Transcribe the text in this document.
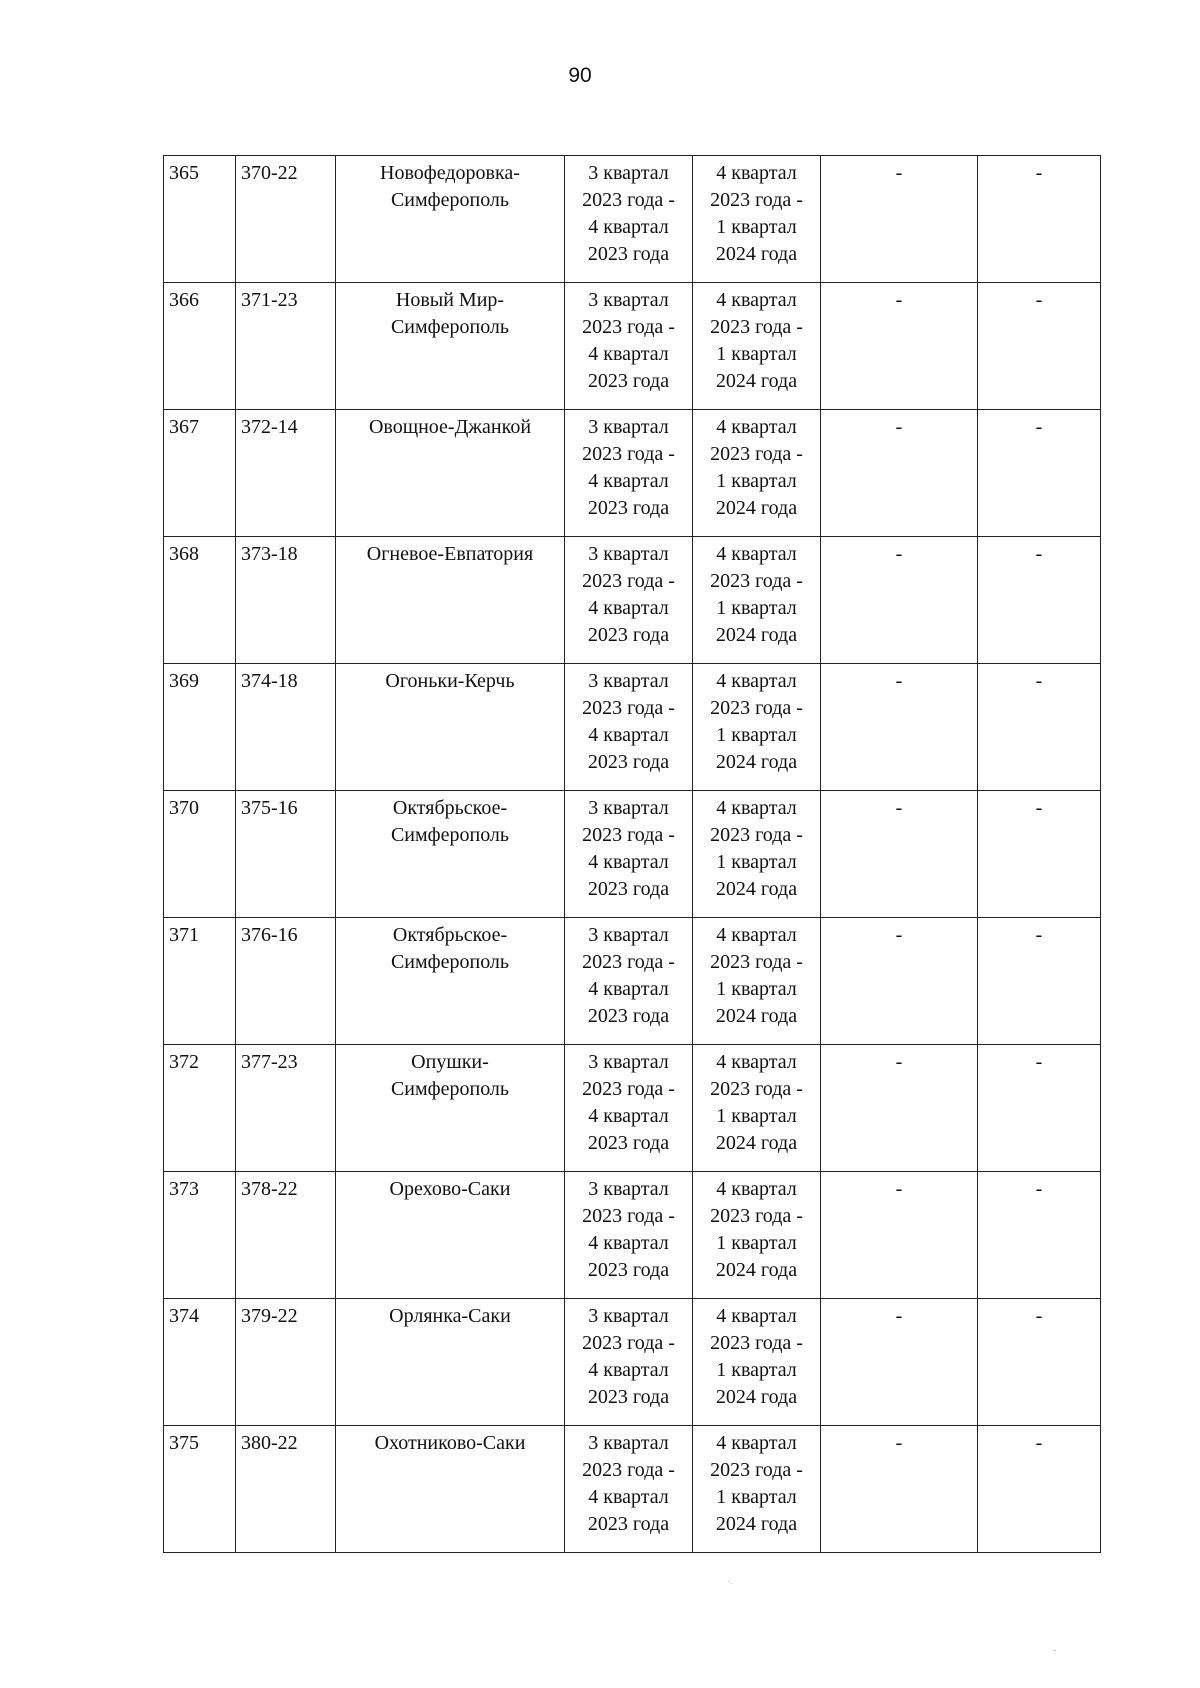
90
365	370-22	Новофедоровка-
Симферополь	3 квартал
2023 года -
4 квартал
2023 года	4 квартал
2023 года -
1 квартал
2024 года	-	-

366	371-23	Новый Мир-
Симферополь	3 квартал
2023 года -
4 квартал
2023 года	4 квартал
2023 года -
1 квартал
2024 года	-	-

367	372-14	Овощное-Джанкой	3 квартал
2023 года -
4 квартал
2023 года	4 квартал
2023 года -
1 квартал
2024 года	-	-

368	373-18	Огневое-Евпатория	3 квартал
2023 года -
4 квартал
2023 года	4 квартал
2023 года -
1 квартал
2024 года	-	-

369	374-18	Огоньки-Керчь	3 квартал
2023 года -
4 квартал
2023 года	4 квартал
2023 года -
1 квартал
2024 года	-	-

370	375-16	Октябрьское-
Симферополь	3 квартал
2023 года -
4 квартал
2023 года	4 квартал
2023 года -
1 квартал
2024 года	-	-

371	376-16	Октябрьское-
Симферополь	3 квартал
2023 года -
4 квартал
2023 года	4 квартал
2023 года -
1 квартал
2024 года	-	-

372	377-23	Опушки-
Симферополь	3 квартал
2023 года -
4 квартал
2023 года	4 квартал
2023 года -
1 квартал
2024 года	-	-

373	378-22	Орехово-Саки	3 квартал
2023 года -
4 квартал
2023 года	4 квартал
2023 года -
1 квартал
2024 года	-	-

374	379-22	Орлянка-Саки	3 квартал
2023 года -
4 квартал
2023 года	4 квартал
2023 года -
1 квартал
2024 года	-	-

375	380-22	Охотниково-Саки	3 квартал
2023 года -
4 квартал
2023 года	4 квартал
2023 года -
1 квартал
2024 года	-	-
˙ˑ
-
